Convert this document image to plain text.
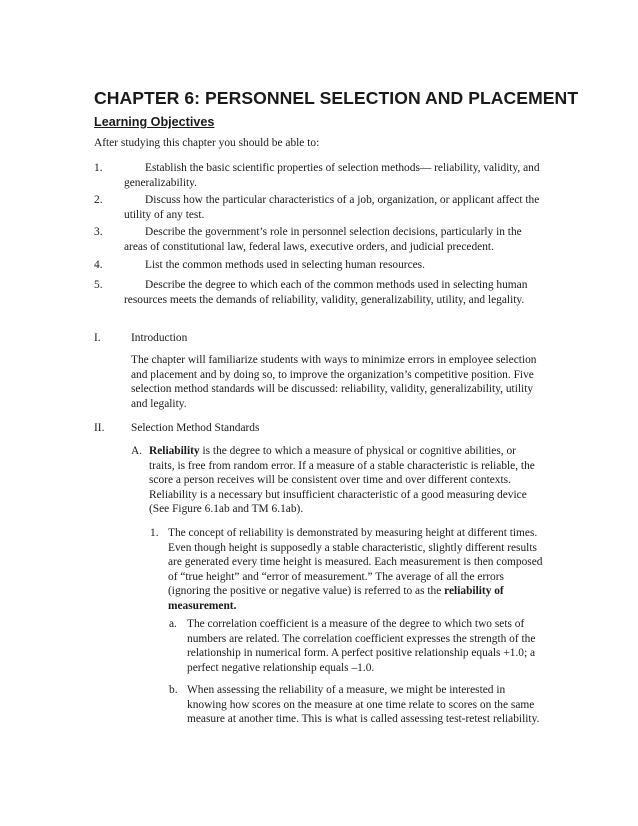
CHAPTER 6: PERSONNEL SELECTION AND PLACEMENT
Learning Objectives
After studying this chapter you should be able to:
1.	Establish the basic scientific properties of selection methods— reliability, validity, and generalizability.
2.	Discuss how the particular characteristics of a job, organization, or applicant affect the utility of any test.
3.	Describe the government’s role in personnel selection decisions, particularly in the areas of constitutional law, federal laws, executive orders, and judicial precedent.
4.	List the common methods used in selecting human resources.
5.	Describe the degree to which each of the common methods used in selecting human resources meets the demands of reliability, validity, generalizability, utility, and legality.
I.	Introduction
The chapter will familiarize students with ways to minimize errors in employee selection and placement and by doing so, to improve the organization’s competitive position. Five selection method standards will be discussed: reliability, validity, generalizability, utility and legality.
II. Selection Method Standards
A. Reliability is the degree to which a measure of physical or cognitive abilities, or traits, is free from random error. If a measure of a stable characteristic is reliable, the score a person receives will be consistent over time and over different contexts. Reliability is a necessary but insufficient characteristic of a good measuring device (See Figure 6.1ab and TM 6.1ab).
1. The concept of reliability is demonstrated by measuring height at different times. Even though height is supposedly a stable characteristic, slightly different results are generated every time height is measured. Each measurement is then composed of “true height” and “error of measurement.” The average of all the errors (ignoring the positive or negative value) is referred to as the reliability of measurement.
a. The correlation coefficient is a measure of the degree to which two sets of numbers are related. The correlation coefficient expresses the strength of the relationship in numerical form. A perfect positive relationship equals +1.0; a perfect negative relationship equals –1.0.
b. When assessing the reliability of a measure, we might be interested in knowing how scores on the measure at one time relate to scores on the same measure at another time. This is what is called assessing test-retest reliability.
